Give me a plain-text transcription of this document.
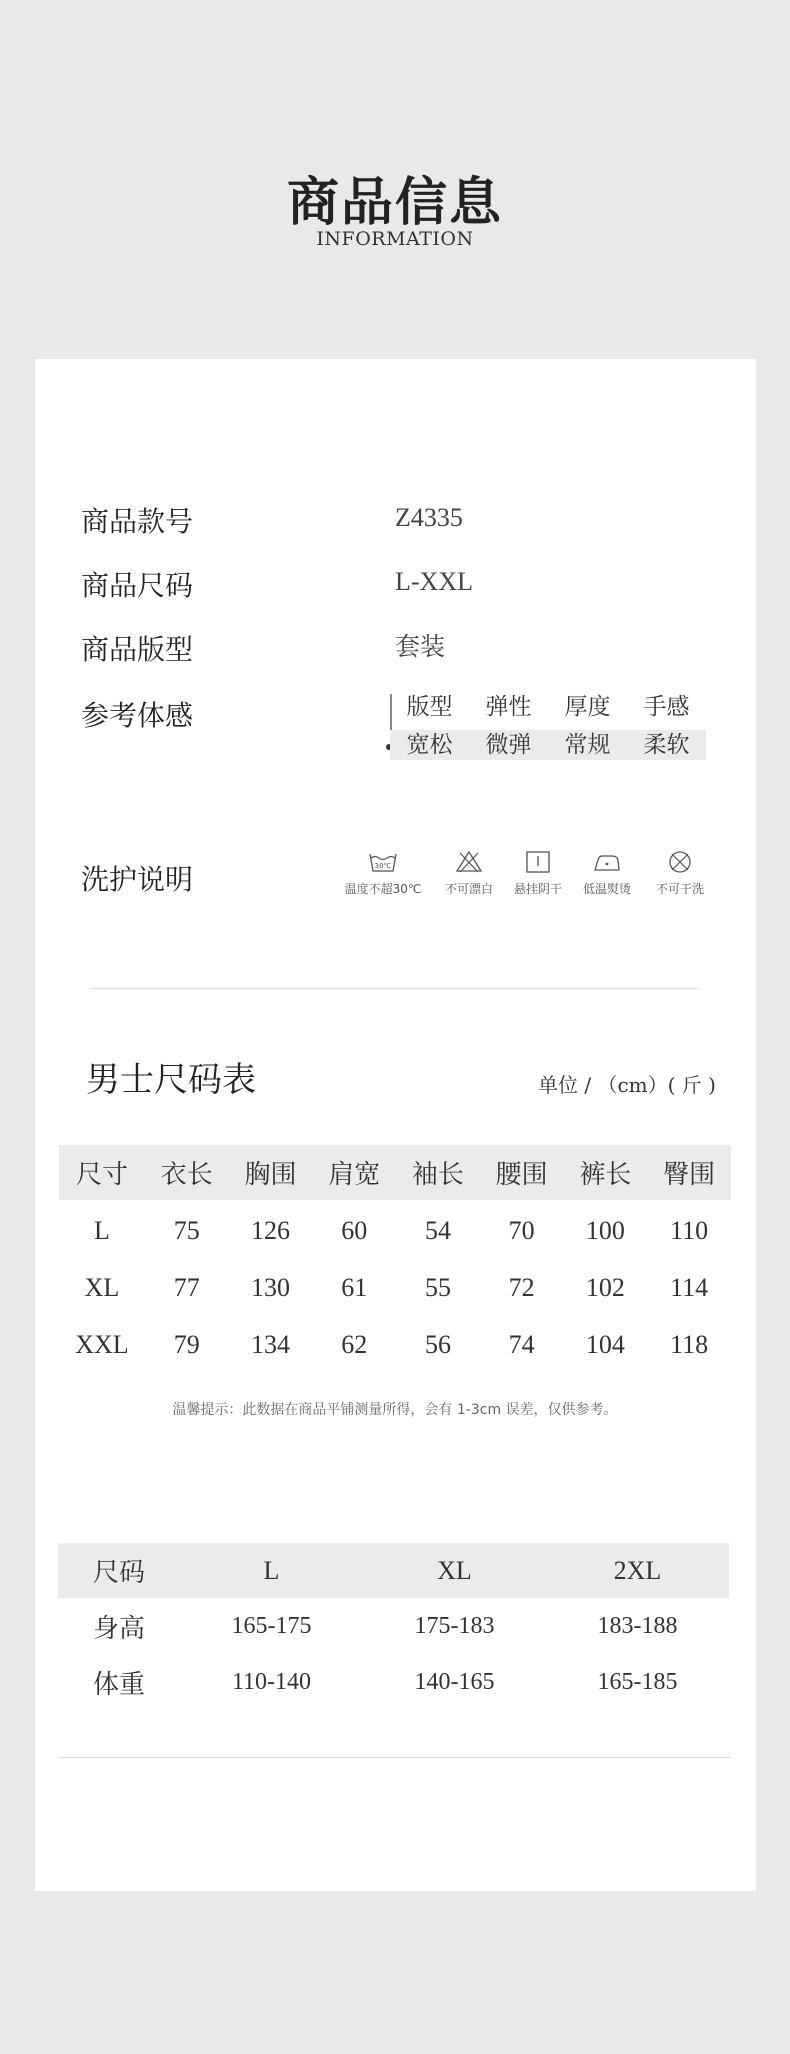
商品信息
INFORMATION
商品款号	Z4335
商品尺码	L-XXL
商品版型	套装
参考体感	版型	弹性	厚度	手感
宽松	微弹	常规	柔软
洗护说明	30℃
温度不超30℃	不可漂白	悬挂阴干	低温熨烫	不可干洗
男士尺码表	单位 / （cm）( 斤 )
尺寸	衣长	胸围	肩宽	袖长	腰围	裤长	臀围
L	75	126	60	54	70	100	110
XL	77	130	61	55	72	102	114
XXL	79	134	62	56	74	104	118
温馨提示：此数据在商品平铺测量所得，会有 1-3cm 误差，仅供参考。
尺码	L	XL	2XL
身高	165-175	175-183	183-188
体重	110-140	140-165	165-185
